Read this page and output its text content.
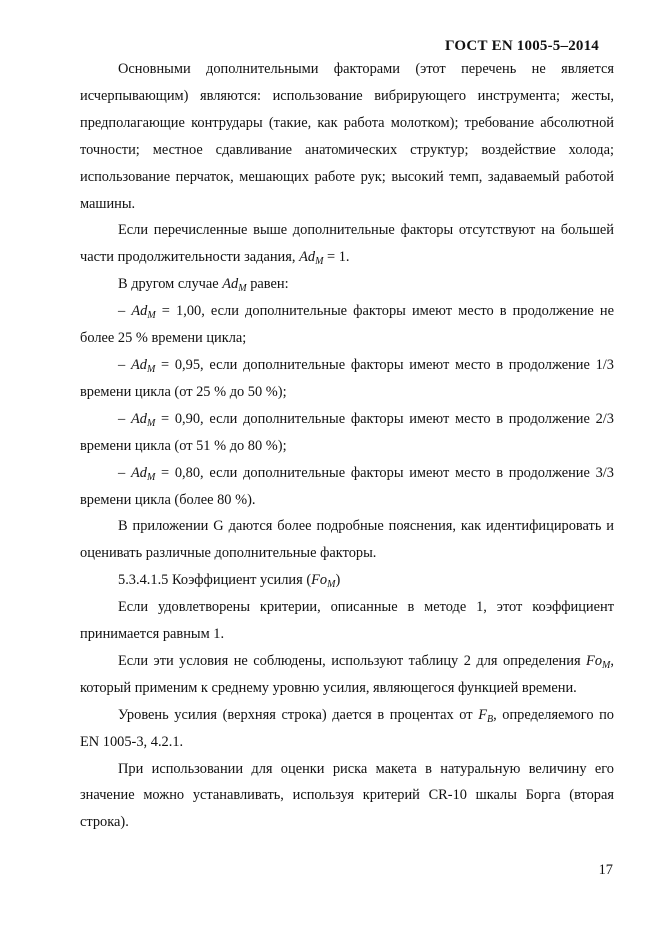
ГОСТ EN 1005-5–2014

Основными дополнительными факторами (этот перечень не является исчерпывающим) являются: использование вибрирующего инструмента; жесты, предполагающие контрудары (такие, как работа молотком); требование абсолютной точности; местное сдавливание анатомических структур; воздействие холода; использование перчаток, мешающих работе рук; высокий темп, задаваемый работой машины.

Если перечисленные выше дополнительные факторы отсутствуют на большей части продолжительности задания, $Ad_M = 1$.

В другом случае $Ad_M$ равен:

– $Ad_M = 1,00$, если дополнительные факторы имеют место в продолжение не более 25 % времени цикла;

– $Ad_M = 0,95$, если дополнительные факторы имеют место в продолжение 1/3 времени цикла (от 25 % до 50 %);

– $Ad_M = 0,90$, если дополнительные факторы имеют место в продолжение 2/3 времени цикла (от 51 % до 80 %);

– $Ad_M = 0,80$, если дополнительные факторы имеют место в продолжение 3/3 времени цикла (более 80 %).

В приложении G даются более подробные пояснения, как идентифицировать и оценивать различные дополнительные факторы.

5.3.4.1.5 Коэффициент усилия $(Fo_M)$

Если удовлетворены критерии, описанные в методе 1, этот коэффициент принимается равным 1.

Если эти условия не соблюдены, используют таблицу 2 для определения $Fo_M$, который применим к среднему уровню усилия, являющегося функцией времени.

Уровень усилия (верхняя строка) дается в процентах от $F_B$, определяемого по EN 1005-3, 4.2.1.

При использовании для оценки риска макета в натуральную величину его значение можно устанавливать, используя критерий CR-10 шкалы Борга (вторая строка).

17
